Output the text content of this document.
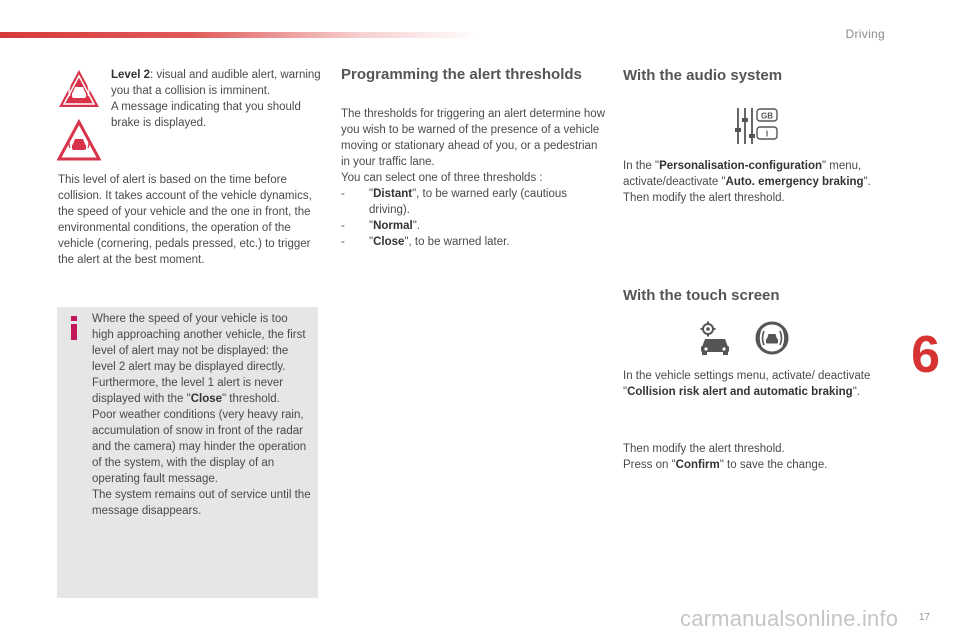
Driving
6
17

Level 2: visual and audible alert, warning you that a collision is imminent.

A message indicating that you should brake is displayed.

This level of alert is based on the time before collision. It takes account of the vehicle dynamics, the speed of your vehicle and the one in front, the environmental conditions, the operation of the vehicle (cornering, pedals pressed, etc.) to trigger the alert at the best moment.

Where the speed of your vehicle is too high approaching another vehicle, the first level of alert may not be displayed: the level 2 alert may be displayed directly.

Furthermore, the level 1 alert is never displayed with the "Close" threshold.

Poor weather conditions (very heavy rain, accumulation of snow in front of the radar and the camera) may hinder the operation of the system, with the display of an operating fault message.

The system remains out of service until the message disappears.

Programming the alert thresholds

The thresholds for triggering an alert determine how you wish to be warned of the presence of a vehicle moving or stationary ahead of you, or a pedestrian in your traffic lane.

You can select one of three thresholds :

- "Distant", to be warned early (cautious driving).
- "Normal".
- "Close", to be warned later.
With the audio system
GB
I

In the "Personalisation-configuration" menu, activate/deactivate "Auto. emergency braking".

Then modify the alert threshold.

With the touch screen

In the vehicle settings menu, activate/ deactivate "Collision risk alert and automatic braking".

Then modify the alert threshold.

Press on "Confirm" to save the change.

carmanualsonline.info
